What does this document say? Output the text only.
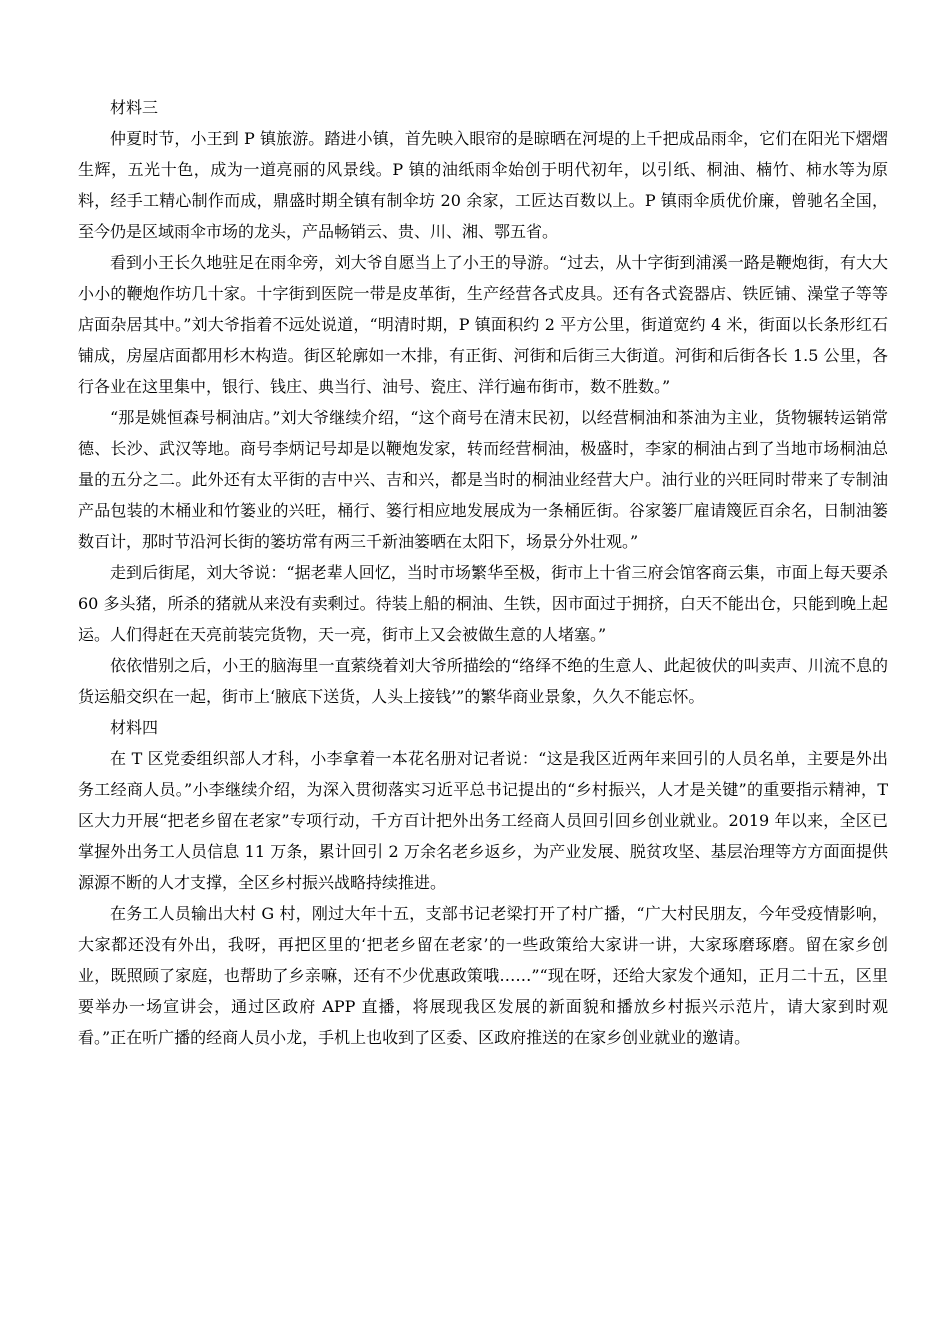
材料三

仲夏时节，小王到 P 镇旅游。踏进小镇，首先映入眼帘的是晾晒在河堤的上千把成品雨伞，它们在阳光下熠熠生辉，五光十色，成为一道亮丽的风景线。P 镇的油纸雨伞始创于明代初年，以引纸、桐油、楠竹、柿水等为原料，经手工精心制作而成，鼎盛时期全镇有制伞坊 20 余家，工匠达百数以上。P 镇雨伞质优价廉，曾驰名全国，至今仍是区域雨伞市场的龙头，产品畅销云、贵、川、湘、鄂五省。

看到小王长久地驻足在雨伞旁，刘大爷自愿当上了小王的导游。“过去，从十字街到浦溪一路是鞭炮街，有大大小小的鞭炮作坊几十家。十字街到医院一带是皮革街，生产经营各式皮具。还有各式瓷器店、铁匠铺、澡堂子等等店面杂居其中。”刘大爷指着不远处说道，“明清时期，P 镇面积约 2 平方公里，街道宽约 4 米，街面以长条形红石铺成，房屋店面都用杉木构造。街区轮廓如一木排，有正街、河街和后街三大街道。河街和后街各长 1.5 公里，各行各业在这里集中，银行、钱庄、典当行、油号、瓷庄、洋行遍布街市，数不胜数。”

“那是姚恒森号桐油店。”刘大爷继续介绍，“这个商号在清末民初，以经营桐油和茶油为主业，货物辗转运销常德、长沙、武汉等地。商号李炳记号却是以鞭炮发家，转而经营桐油，极盛时，李家的桐油占到了当地市场桐油总量的五分之二。此外还有太平街的吉中兴、吉和兴，都是当时的桐油业经营大户。油行业的兴旺同时带来了专制油产品包装的木桶业和竹篓业的兴旺，桶行、篓行相应地发展成为一条桶匠街。谷家篓厂雇请篾匠百余名，日制油篓数百计，那时节沿河长街的篓坊常有两三千新油篓晒在太阳下，场景分外壮观。”

走到后街尾，刘大爷说：“据老辈人回忆，当时市场繁华至极，街市上十省三府会馆客商云集，市面上每天要杀 60 多头猪，所杀的猪就从来没有卖剩过。待装上船的桐油、生铁，因市面过于拥挤，白天不能出仓，只能到晚上起运。人们得赶在天亮前装完货物，天一亮，街市上又会被做生意的人堵塞。”

依依惜别之后，小王的脑海里一直萦绕着刘大爷所描绘的“络绎不绝的生意人、此起彼伏的叫卖声、川流不息的货运船交织在一起，街市上‘腋底下送货，人头上接钱’”的繁华商业景象，久久不能忘怀。

材料四

在 T 区党委组织部人才科，小李拿着一本花名册对记者说：“这是我区近两年来回引的人员名单，主要是外出务工经商人员。”小李继续介绍，为深入贯彻落实习近平总书记提出的“乡村振兴，人才是关键”的重要指示精神，T 区大力开展“把老乡留在老家”专项行动，千方百计把外出务工经商人员回引回乡创业就业。2019 年以来，全区已掌握外出务工人员信息 11 万条，累计回引 2 万余名老乡返乡，为产业发展、脱贫攻坚、基层治理等方方面面提供源源不断的人才支撑，全区乡村振兴战略持续推进。

在务工人员输出大村 G 村，刚过大年十五，支部书记老梁打开了村广播，“广大村民朋友，今年受疫情影响，大家都还没有外出，我呀，再把区里的‘把老乡留在老家’的一些政策给大家讲一讲，大家琢磨琢磨。留在家乡创业，既照顾了家庭，也帮助了乡亲嘛，还有不少优惠政策哦……”“现在呀，还给大家发个通知，正月二十五，区里要举办一场宣讲会，通过区政府 APP 直播，将展现我区发展的新面貌和播放乡村振兴示范片，请大家到时观看。”正在听广播的经商人员小龙，手机上也收到了区委、区政府推送的在家乡创业就业的邀请。
